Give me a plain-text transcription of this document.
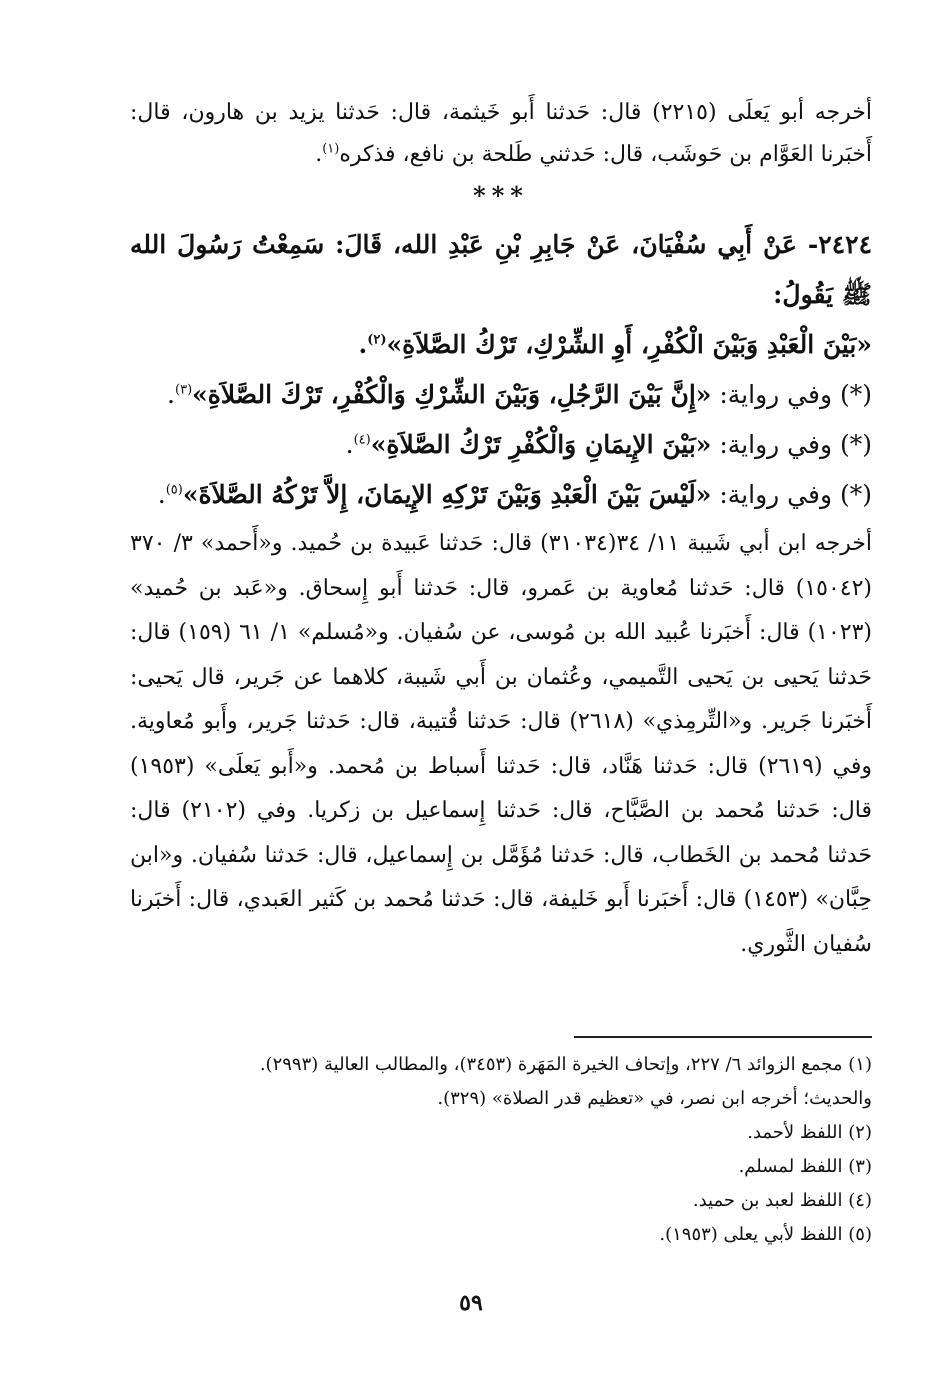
أخرجه أبو يَعلَى (٢٢١٥) قال: حَدثنا أَبو خَيثمة، قال: حَدثنا يزيد بن هارون، قال: أَخبَرنا العَوَّام بن حَوشَب، قال: حَدثني طَلحة بن نافع، فذكره$^{(١)}$.

***

٢٤٢٤- عَنْ أَبِي سُفْيَانَ، عَنْ جَابِرِ بْنِ عَبْدِ الله، قَالَ: سَمِعْتُ رَسُولَ الله ﷺ يَقُولُ:

«بَيْنَ الْعَبْدِ وَبَيْنَ الْكُفْرِ، أَوِ الشِّرْكِ، تَرْكُ الصَّلاَةِ»$^{(٢)}$.

(*) وفي رواية: «إِنَّ بَيْنَ الرَّجُلِ، وَبَيْنَ الشِّرْكِ وَالْكُفْرِ، تَرْكَ الصَّلاَةِ»$^{(٣)}$.

(*) وفي رواية: «بَيْنَ الإِيمَانِ وَالْكُفْرِ تَرْكُ الصَّلاَةِ»$^{(٤)}$.

(*) وفي رواية: «لَيْسَ بَيْنَ الْعَبْدِ وَبَيْنَ تَرْكِهِ الإِيمَانَ، إِلاَّ تَرْكُهُ الصَّلاَةَ»$^{(٥)}$.

أخرجه ابن أبي شَيبة ١١/ ٣٤(٣١٠٣٤) قال: حَدثنا عَبيدة بن حُميد. و«أَحمد» ٣/ ٣٧٠ (١٥٠٤٢) قال: حَدثنا مُعاوية بن عَمرو، قال: حَدثنا أَبو إِسحاق. و«عَبد بن حُميد» (١٠٢٣) قال: أَخبَرنا عُبيد الله بن مُوسى، عن سُفيان. و«مُسلم» ١/ ٦١ (١٥٩) قال: حَدثنا يَحيى بن يَحيى التَّميمي، وعُثمان بن أَبي شَيبة، كلاهما عن جَرير، قال يَحيى: أَخبَرنا جَرير. و«التِّرمِذي» (٢٦١٨) قال: حَدثنا قُتيبة، قال: حَدثنا جَرير، وأَبو مُعاوية. وفي (٢٦١٩) قال: حَدثنا هَنَّاد، قال: حَدثنا أَسباط بن مُحمد. و«أَبو يَعلَى» (١٩٥٣) قال: حَدثنا مُحمد بن الصَّبَّاح، قال: حَدثنا إِسماعيل بن زكريا. وفي (٢١٠٢) قال: حَدثنا مُحمد بن الخَطاب، قال: حَدثنا مُؤَمَّل بن إِسماعيل، قال: حَدثنا سُفيان. و«ابن حِبَّان» (١٤٥٣) قال: أَخبَرنا أَبو خَليفة، قال: حَدثنا مُحمد بن كَثير العَبدي، قال: أَخبَرنا سُفيان الثَّوري.

(١) مجمع الزوائد ٦/ ٢٢٧، وإتحاف الخيرة المَهَرة (٣٤٥٣)، والمطالب العالية (٢٩٩٣).

والحديث؛ أخرجه ابن نصر، في «تعظيم قدر الصلاة» (٣٢٩).

(٢) اللفظ لأحمد.

(٣) اللفظ لمسلم.

(٤) اللفظ لعبد بن حميد.

(٥) اللفظ لأبي يعلى (١٩٥٣).

٥٩
